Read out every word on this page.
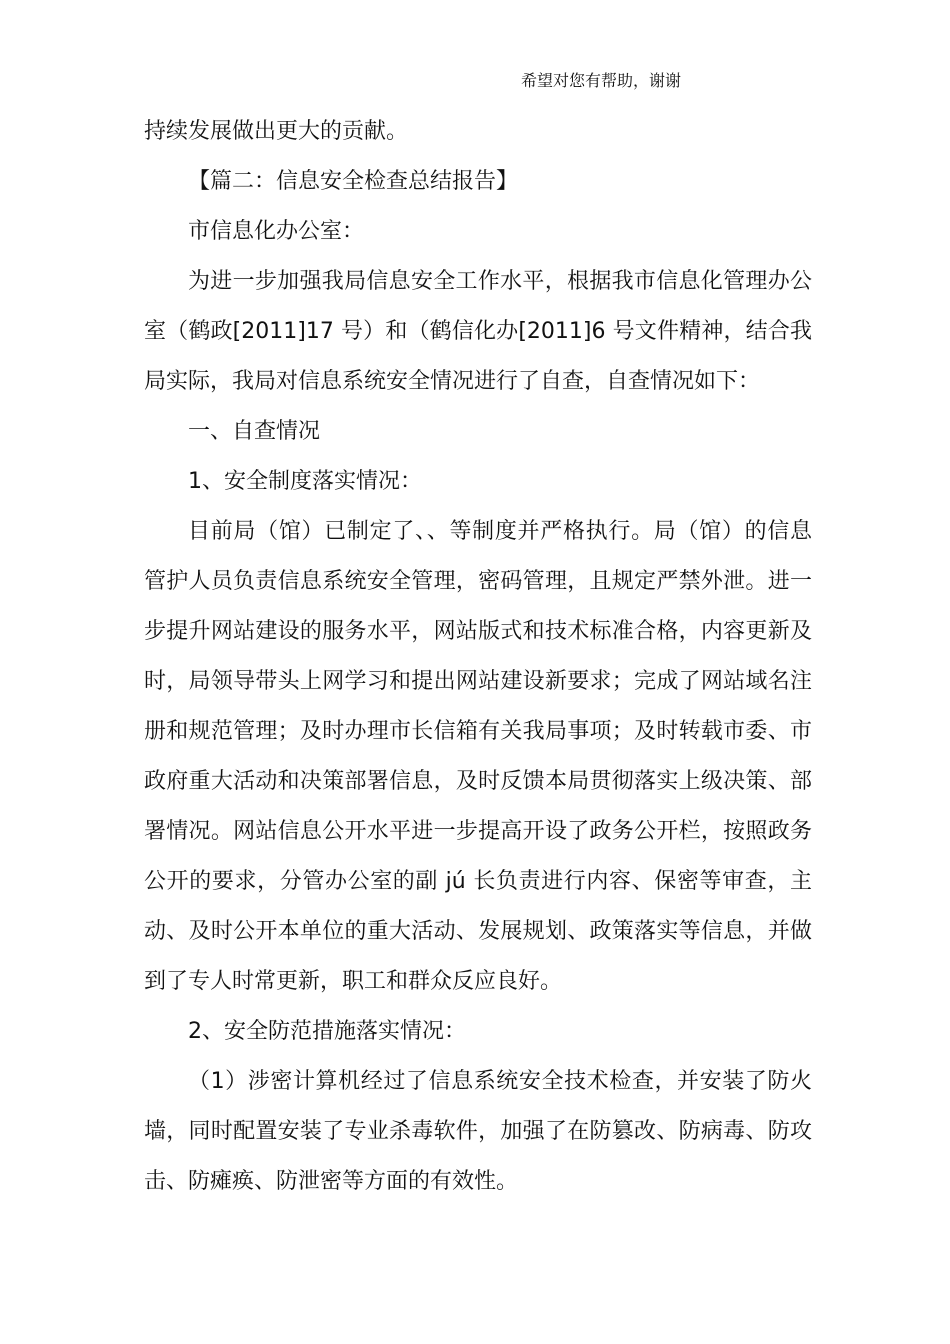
希望对您有帮助，谢谢

持续发展做出更大的贡献。

【篇二：信息安全检查总结报告】

市信息化办公室：

为进一步加强我局信息安全工作水平，根据我市信息化管理办公室（鹤政[2011]17 号）和（鹤信化办[2011]6 号文件精神，结合我局实际，我局对信息系统安全情况进行了自查，自查情况如下：

一、自查情况

1、安全制度落实情况：

目前局（馆）已制定了、、等制度并严格执行。局（馆）的信息管护人员负责信息系统安全管理，密码管理，且规定严禁外泄。进一步提升网站建设的服务水平，网站版式和技术标准合格，内容更新及时，局领导带头上网学习和提出网站建设新要求；完成了网站域名注册和规范管理；及时办理市长信箱有关我局事项；及时转载市委、市政府重大活动和决策部署信息，及时反馈本局贯彻落实上级决策、部署情况。网站信息公开水平进一步提高开设了政务公开栏，按照政务公开的要求，分管办公室的副 jú 长负责进行内容、保密等审查，主动、及时公开本单位的重大活动、发展规划、政策落实等信息，并做到了专人时常更新，职工和群众反应良好。

2、安全防范措施落实情况：

（1）涉密计算机经过了信息系统安全技术检查，并安装了防火墙，同时配置安装了专业杀毒软件，加强了在防篡改、防病毒、防攻击、防瘫痪、防泄密等方面的有效性。
